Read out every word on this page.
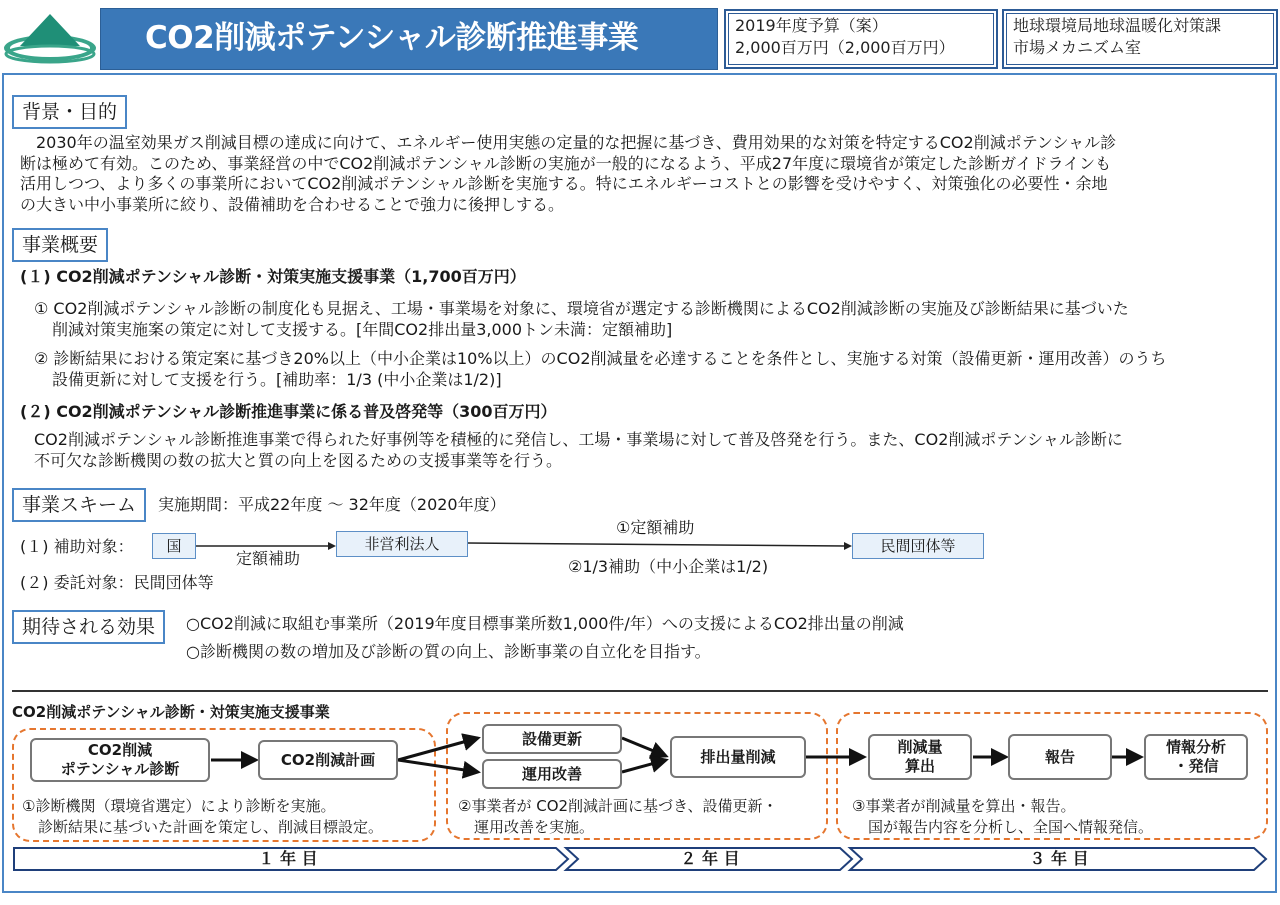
CO2削減ポテンシャル診断推進事業	2019年度予算（案）
2,000百万円（2,000百万円）
地球環境局地球温暖化対策課
市場メカニズム室
背景・目的
　2030年の温室効果ガス削減目標の達成に向けて、エネルギー使用実態の定量的な把握に基づき、費用効果的な対策を特定するCO2削減ポテンシャル診
断は極めて有効。このため、事業経営の中でCO2削減ポテンシャル診断の実施が一般的になるよう、平成27年度に環境省が策定した診断ガイドラインも
活用しつつ、より多くの事業所においてCO2削減ポテンシャル診断を実施する。特にエネルギーコストとの影響を受けやすく、対策強化の必要性・余地
の大きい中小事業所に絞り、設備補助を合わせることで強力に後押しする。
事業概要
(１) CO2削減ポテンシャル診断・対策実施支援事業（1,700百万円）
① CO2削減ポテンシャル診断の制度化も見据え、工場・事業場を対象に、環境省が選定する診断機関によるCO2削減診断の実施及び診断結果に基づいた
削減対策実施案の策定に対して支援する。[年間CO2排出量3,000トン未満：定額補助]
② 診断結果における策定案に基づき20%以上（中小企業は10%以上）のCO2削減量を必達することを条件とし、実施する対策（設備更新・運用改善）のうち
設備更新に対して支援を行う。[補助率：1/3 (中小企業は1/2)]
(２) CO2削減ポテンシャル診断推進事業に係る普及啓発等（300百万円）
CO2削減ポテンシャル診断推進事業で得られた好事例等を積極的に発信し、工場・事業場に対して普及啓発を行う。また、CO2削減ポテンシャル診断に
不可欠な診断機関の数の拡大と質の向上を図るための支援事業等を行う。
事業スキーム	実施期間：平成22年度 ～ 32年度（2020年度）
(１) 補助対象：	国	非営利法人	民間団体等
定額補助
①定額補助
②1/3補助（中小企業は1/2)
(２) 委託対象：民間団体等
期待される効果	○CO2削減に取組む事業所（2019年度目標事業所数1,000件/年）への支援によるCO2排出量の削減
○診断機関の数の増加及び診断の質の向上、診断事業の自立化を目指す。
CO2削減ポテンシャル診断・対策実施支援事業
CO2削減
ポテンシャル診断
CO2削減計画
設備更新
運用改善
排出量削減
削減量
算出
報告
情報分析
・発信
①診断機関（環境省選定）により診断を実施。
診断結果に基づいた計画を策定し、削減目標設定。
②事業者が CO2削減計画に基づき、設備更新・
運用改善を実施。
③事業者が削減量を算出・報告。
国が報告内容を分析し、全国へ情報発信。
１ 年 目	２ 年 目	３ 年 目
